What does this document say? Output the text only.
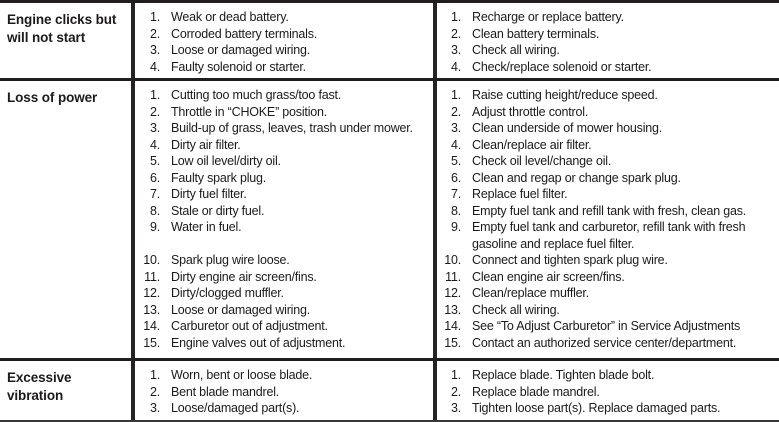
Engine clicks but
will not start
1. Weak or dead battery.
2. Corroded battery terminals.
3. Loose or damaged wiring.
4. Faulty solenoid or starter.
1. Recharge or replace battery.
2. Clean battery terminals.
3. Check all wiring.
4. Check/replace solenoid or starter.
Loss of power	1. Cutting too much grass/too fast.
2. Throttle in “CHOKE” position.
3. Build-up of grass, leaves, trash under mower.
4. Dirty air filter.
5. Low oil level/dirty oil.
6. Faulty spark plug.
7. Dirty fuel filter.
8. Stale or dirty fuel.
9. Water in fuel.
10. Spark plug wire loose.
11. Dirty engine air screen/fins.
12. Dirty/clogged muffler.
13. Loose or damaged wiring.
14. Carburetor out of adjustment.
15. Engine valves out of adjustment.
1. Raise cutting height/reduce speed.
2. Adjust throttle control.
3. Clean underside of mower housing.
4. Clean/replace air filter.
5. Check oil level/change oil.
6. Clean and regap or change spark plug.
7. Replace fuel filter.
8. Empty fuel tank and refill tank with fresh, clean gas.
9. Empty fuel tank and carburetor, refill tank with fresh gasoline and replace fuel filter.
10. Connect and tighten spark plug wire.
11. Clean engine air screen/fins.
12. Clean/replace muffler.
13. Check all wiring.
14. See “To Adjust Carburetor” in Service Adjustments
15. Contact an authorized service center/department.
Excessive
vibration
1. Worn, bent or loose blade.
2. Bent blade mandrel.
3. Loose/damaged part(s).
1. Replace blade. Tighten blade bolt.
2. Replace blade mandrel.
3. Tighten loose part(s). Replace damaged parts.
